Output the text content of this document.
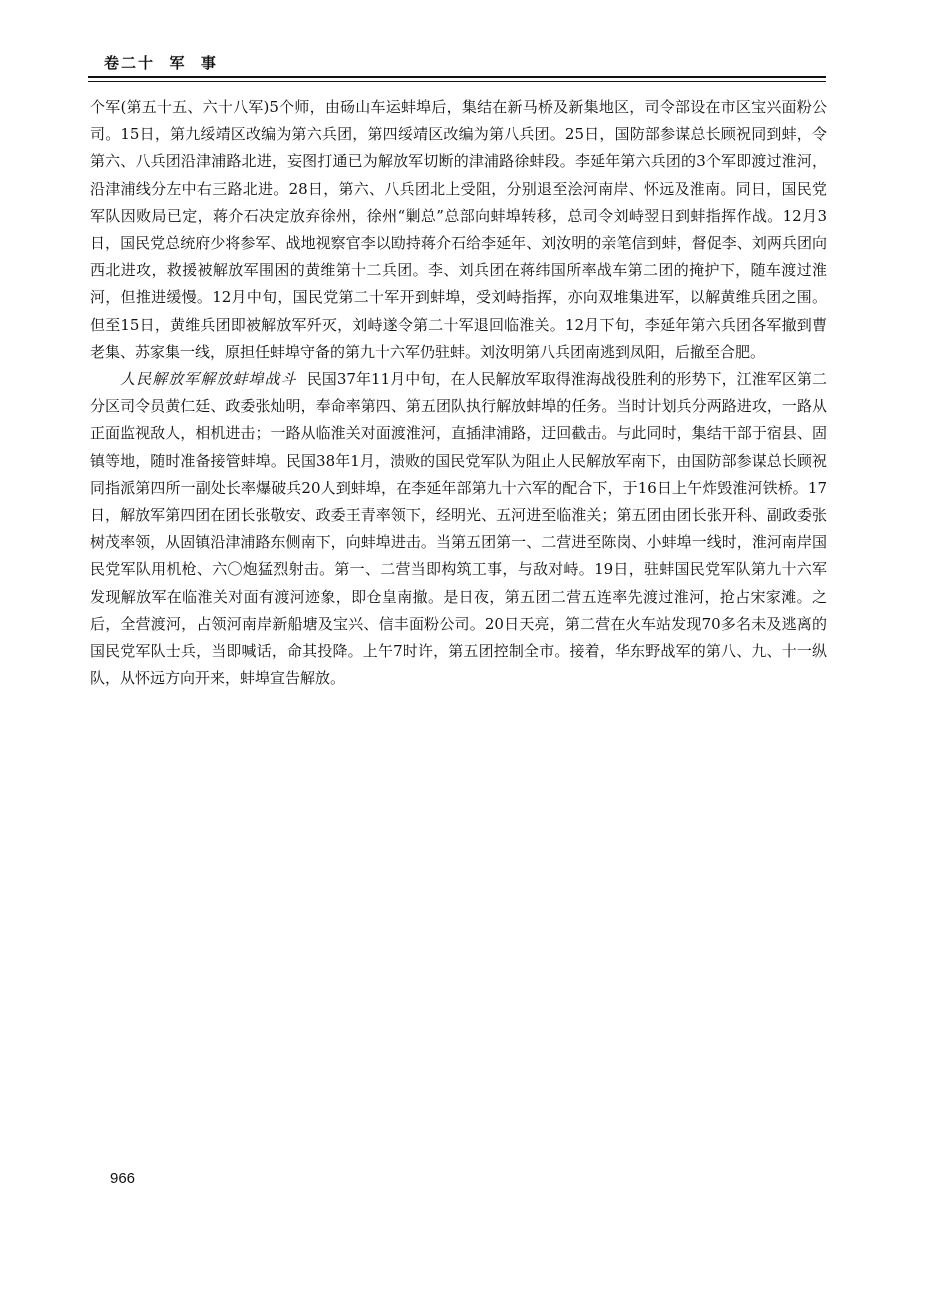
卷二十  军  事

个军(第五十五、六十八军)5个师，由砀山车运蚌埠后，集结在新马桥及新集地区，司令部设在市区宝兴面粉公司。15日，第九绥靖区改编为第六兵团，第四绥靖区改编为第八兵团。25日，国防部参谋总长顾祝同到蚌，令第六、八兵团沿津浦路北进，妄图打通已为解放军切断的津浦路徐蚌段。李延年第六兵团的3个军即渡过淮河，沿津浦线分左中右三路北进。28日，第六、八兵团北上受阻，分别退至浍河南岸、怀远及淮南。同日，国民党军队因败局已定，蒋介石决定放弃徐州，徐州“剿总”总部向蚌埠转移，总司令刘峙翌日到蚌指挥作战。12月3日，国民党总统府少将参军、战地视察官李以劻持蒋介石给李延年、刘汝明的亲笔信到蚌，督促李、刘两兵团向西北进攻，救援被解放军围困的黄维第十二兵团。李、刘兵团在蒋纬国所率战车第二团的掩护下，随车渡过淮河，但推进缓慢。12月中旬，国民党第二十军开到蚌埠，受刘峙指挥，亦向双堆集进军，以解黄维兵团之围。但至15日，黄维兵团即被解放军歼灭，刘峙遂令第二十军退回临淮关。12月下旬，李延年第六兵团各军撤到曹老集、苏家集一线，原担任蚌埠守备的第九十六军仍驻蚌。刘汝明第八兵团南逃到凤阳，后撤至合肥。

人民解放军解放蚌埠战斗 民国37年11月中旬，在人民解放军取得淮海战役胜利的形势下，江淮军区第二分区司令员黄仁廷、政委张灿明，奉命率第四、第五团队执行解放蚌埠的任务。当时计划兵分两路进攻，一路从正面监视敌人，相机进击；一路从临淮关对面渡淮河，直插津浦路，迂回截击。与此同时，集结干部于宿县、固镇等地，随时准备接管蚌埠。民国38年1月，溃败的国民党军队为阻止人民解放军南下，由国防部参谋总长顾祝同指派第四所一副处长率爆破兵20人到蚌埠，在李延年部第九十六军的配合下，于16日上午炸毁淮河铁桥。17日，解放军第四团在团长张敬安、政委王青率领下，经明光、五河进至临淮关；第五团由团长张开科、副政委张树茂率领，从固镇沿津浦路东侧南下，向蚌埠进击。当第五团第一、二营进至陈岗、小蚌埠一线时，淮河南岸国民党军队用机枪、六〇炮猛烈射击。第一、二营当即构筑工事，与敌对峙。19日，驻蚌国民党军队第九十六军发现解放军在临淮关对面有渡河迹象，即仓皇南撤。是日夜，第五团二营五连率先渡过淮河，抢占宋家滩。之后，全营渡河，占领河南岸新船塘及宝兴、信丰面粉公司。20日天亮，第二营在火车站发现70多名未及逃离的国民党军队士兵，当即喊话，命其投降。上午7时许，第五团控制全市。接着，华东野战军的第八、九、十一纵队，从怀远方向开来，蚌埠宣告解放。

966
